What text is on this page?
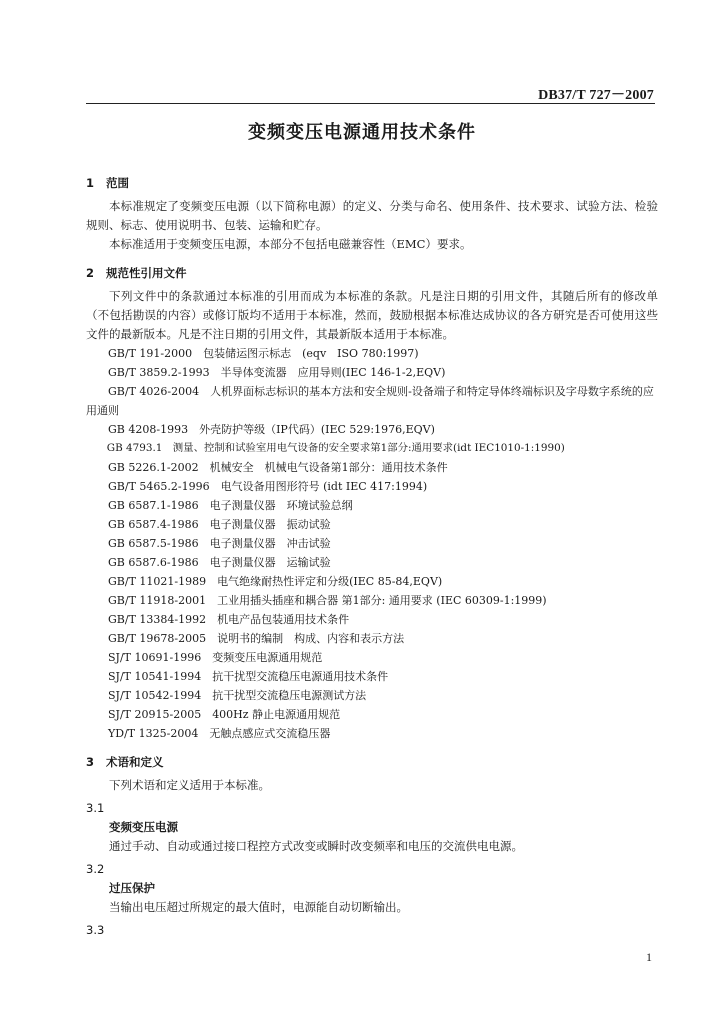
DB37/T 727－2007
变频变压电源通用技术条件
1 范围
本标准规定了变频变压电源（以下简称电源）的定义、分类与命名、使用条件、技术要求、试验方法、检验规则、标志、使用说明书、包装、运输和贮存。
本标准适用于变频变压电源，本部分不包括电磁兼容性（EMC）要求。
2 规范性引用文件
下列文件中的条款通过本标准的引用而成为本标准的条款。凡是注日期的引用文件，其随后所有的修改单（不包括勘误的内容）或修订版均不适用于本标准，然而，鼓励根据本标准达成协议的各方研究是否可使用这些文件的最新版本。凡是不注日期的引用文件，其最新版本适用于本标准。
GB/T 191-2000　包装储运图示标志　(eqv　ISO 780:1997)
GB/T 3859.2-1993　半导体变流器　应用导则(IEC 146-1-2,EQV)
GB/T 4026-2004　人机界面标志标识的基本方法和安全规则-设备端子和特定导体终端标识及字母数字系统的应用通则
GB 4208-1993　外壳防护等级（IP代码）(IEC 529:1976,EQV)
GB 4793.1　测量、控制和试验室用电气设备的安全要求第1部分:通用要求(idt IEC1010-1:1990)
GB 5226.1-2002　机械安全　机械电气设备第1部分：通用技术条件
GB/T 5465.2-1996　电气设备用图形符号 (idt IEC 417:1994)
GB 6587.1-1986　电子测量仪器　环境试验总纲
GB 6587.4-1986　电子测量仪器　振动试验
GB 6587.5-1986　电子测量仪器　冲击试验
GB 6587.6-1986　电子测量仪器　运输试验
GB/T 11021-1989　电气绝缘耐热性评定和分级(IEC 85-84,EQV)
GB/T 11918-2001　工业用插头插座和耦合器 第1部分: 通用要求 (IEC 60309-1:1999)
GB/T 13384-1992　机电产品包装通用技术条件
GB/T 19678-2005　说明书的编制　构成、内容和表示方法
SJ/T 10691-1996　变频变压电源通用规范
SJ/T 10541-1994　抗干扰型交流稳压电源通用技术条件
SJ/T 10542-1994　抗干扰型交流稳压电源测试方法
SJ/T 20915-2005　400Hz 静止电源通用规范
YD/T 1325-2004　无触点感应式交流稳压器
3 术语和定义
下列术语和定义适用于本标准。
3.1
变频变压电源
通过手动、自动或通过接口程控方式改变或瞬时改变频率和电压的交流供电电源。
3.2
过压保护
当输出电压超过所规定的最大值时，电源能自动切断输出。
3.3
1
